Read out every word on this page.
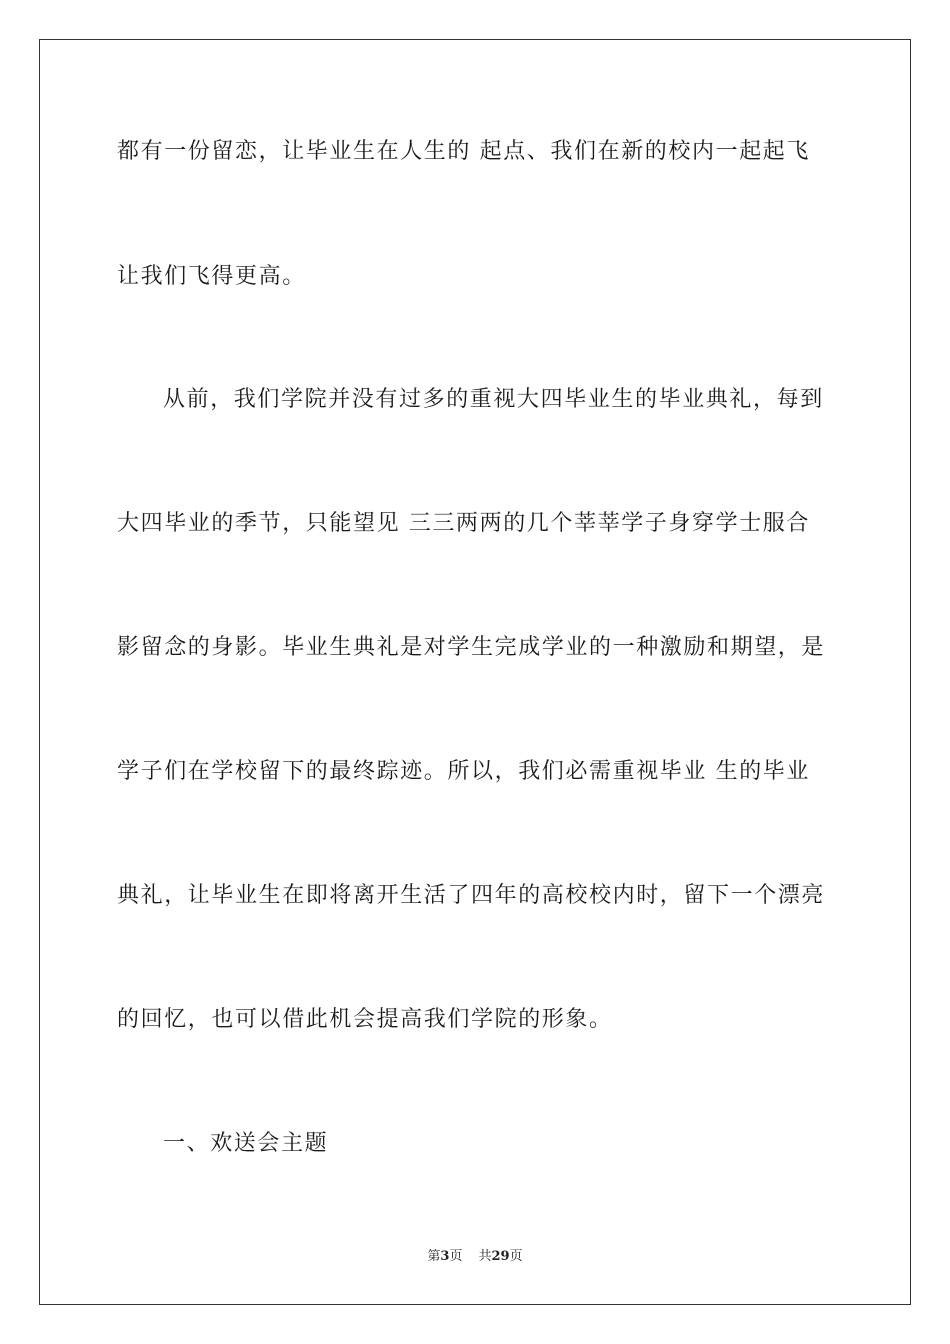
都有一份留恋，让毕业生在人生的 起点、我们在新的校内一起起飞
让我们飞得更高。
从前，我们学院并没有过多的重视大四毕业生的毕业典礼，每到
大四毕业的季节，只能望见 三三两两的几个莘莘学子身穿学士服合
影留念的身影。毕业生典礼是对学生完成学业的一种激励和期望，是
学子们在学校留下的最终踪迹。所以，我们必需重视毕业 生的毕业
典礼，让毕业生在即将离开生活了四年的高校校内时，留下一个漂亮
的回忆，也可以借此机会提高我们学院的形象。
一、欢送会主题
第3页 共29页
